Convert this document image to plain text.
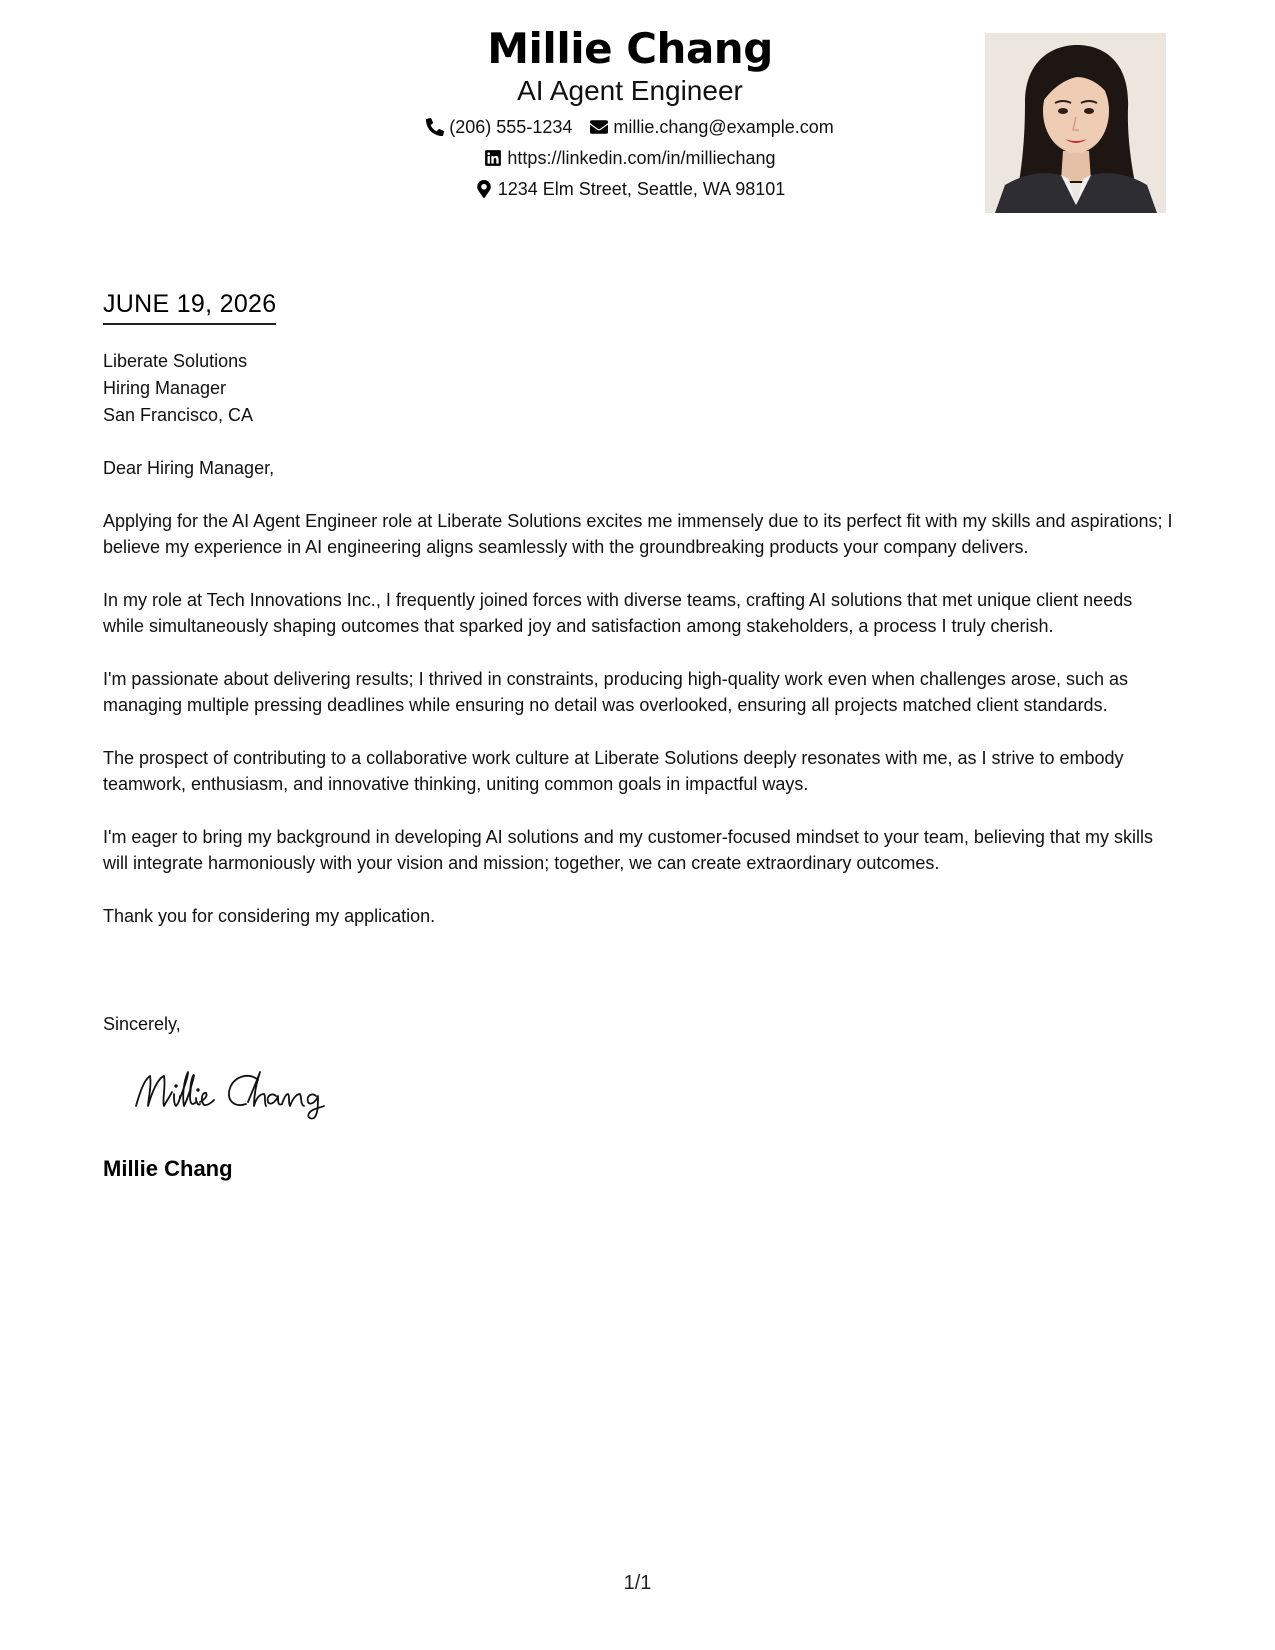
Millie Chang
AI Agent Engineer
(206) 555-1234 millie.chang@example.com
https://linkedin.com/in/milliechang
1234 Elm Street, Seattle, WA 98101
JUNE 19, 2026
Liberate Solutions
Hiring Manager
San Francisco, CA

Dear Hiring Manager,

Applying for the AI Agent Engineer role at Liberate Solutions excites me immensely due to its perfect fit with my skills and aspirations; I believe my experience in AI engineering aligns seamlessly with the groundbreaking products your company delivers.

In my role at Tech Innovations Inc., I frequently joined forces with diverse teams, crafting AI solutions that met unique client needs while simultaneously shaping outcomes that sparked joy and satisfaction among stakeholders, a process I truly cherish.

I'm passionate about delivering results; I thrived in constraints, producing high-quality work even when challenges arose, such as managing multiple pressing deadlines while ensuring no detail was overlooked, ensuring all projects matched client standards.

The prospect of contributing to a collaborative work culture at Liberate Solutions deeply resonates with me, as I strive to embody teamwork, enthusiasm, and innovative thinking, uniting common goals in impactful ways.

I'm eager to bring my background in developing AI solutions and my customer-focused mindset to your team, believing that my skills will integrate harmoniously with your vision and mission; together, we can create extraordinary outcomes.

Thank you for considering my application.

Sincerely,
Millie Chang
1/1
